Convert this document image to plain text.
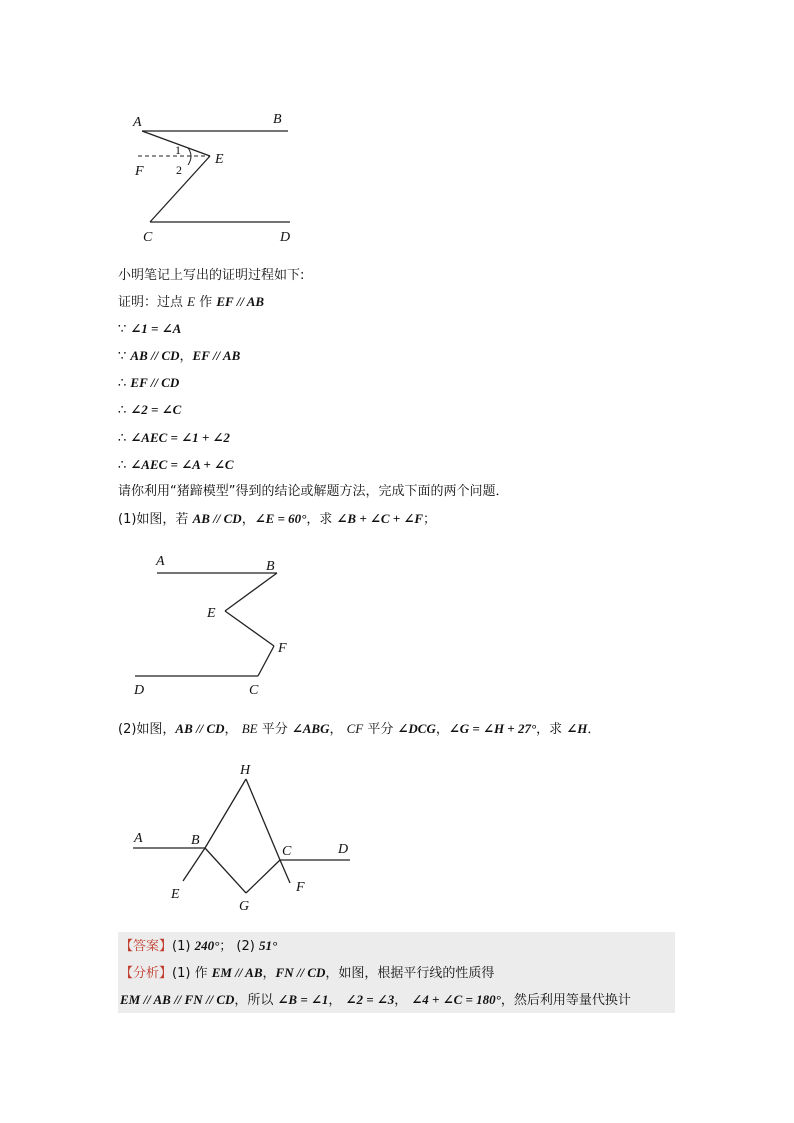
A	B
1
E
F	2
C	D
小明笔记上写出的证明过程如下:
证明：过点 E 作 EF // AB
∵ ∠1 = ∠A
∵ AB // CD，EF // AB
∴ EF // CD
∴ ∠2 = ∠C
∴ ∠AEC = ∠1 + ∠2
∴ ∠AEC = ∠A + ∠C
请你利用“猪蹄模型”得到的结论或解题方法，完成下面的两个问题．
(1)如图，若 AB // CD，∠E = 60°，求 ∠B + ∠C + ∠F；
A	B
E
F
D	C
(2)如图，AB // CD， BE 平分 ∠ABG， CF 平分 ∠DCG，∠G = ∠H + 27°，求 ∠H．
H
A	B
C	D
E	F
G
【答案】(1) 240°； (2) 51°
【分析】(1) 作 EM // AB，FN // CD，如图，根据平行线的性质得
EM // AB // FN // CD，所以 ∠B = ∠1， ∠2 = ∠3， ∠4 + ∠C = 180°，然后利用等量代换计
